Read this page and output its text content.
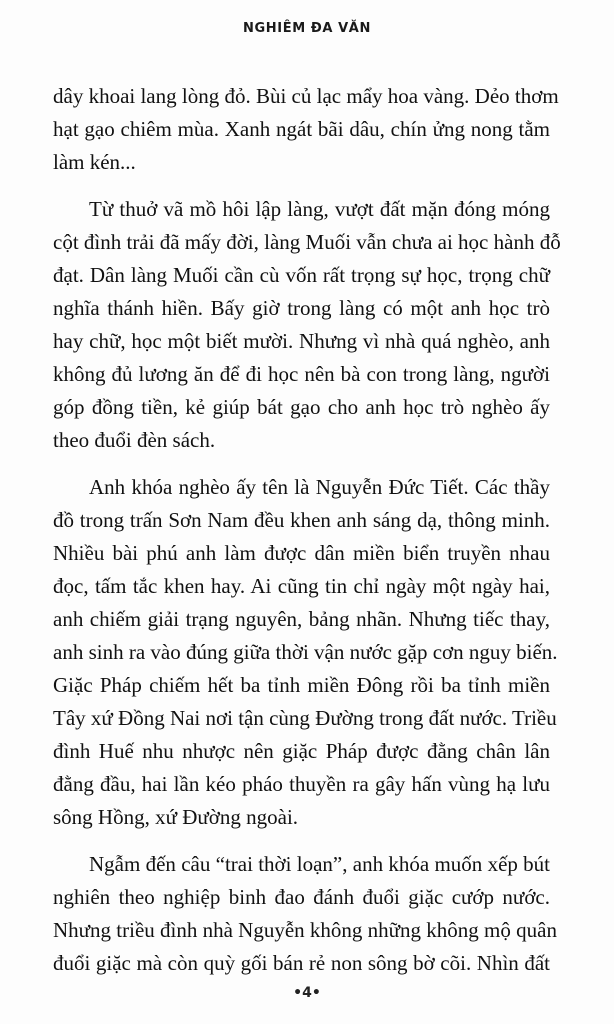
NGHIÊM ĐA VĂN
dây khoai lang lòng đỏ. Bùi củ lạc mẩy hoa vàng. Dẻo thơm
hạt gạo chiêm mùa. Xanh ngát bãi dâu, chín ửng nong tằm
làm kén...
Từ thuở vã mồ hôi lập làng, vượt đất mặn đóng móng
cột đình trải đã mấy đời, làng Muối vẫn chưa ai học hành đỗ
đạt. Dân làng Muối cần cù vốn rất trọng sự học, trọng chữ
nghĩa thánh hiền. Bấy giờ trong làng có một anh học trò
hay chữ, học một biết mười. Nhưng vì nhà quá nghèo, anh
không đủ lương ăn để đi học nên bà con trong làng, người
góp đồng tiền, kẻ giúp bát gạo cho anh học trò nghèo ấy
theo đuổi đèn sách.
Anh khóa nghèo ấy tên là Nguyễn Đức Tiết. Các thầy
đồ trong trấn Sơn Nam đều khen anh sáng dạ, thông minh.
Nhiều bài phú anh làm được dân miền biển truyền nhau
đọc, tấm tắc khen hay. Ai cũng tin chỉ ngày một ngày hai,
anh chiếm giải trạng nguyên, bảng nhãn. Nhưng tiếc thay,
anh sinh ra vào đúng giữa thời vận nước gặp cơn nguy biến.
Giặc Pháp chiếm hết ba tỉnh miền Đông rồi ba tỉnh miền
Tây xứ Đồng Nai nơi tận cùng Đường trong đất nước. Triều
đình Huế nhu nhược nên giặc Pháp được đằng chân lân
đằng đầu, hai lần kéo pháo thuyền ra gây hấn vùng hạ lưu
sông Hồng, xứ Đường ngoài.
Ngẫm đến câu “trai thời loạn”, anh khóa muốn xếp bút
nghiên theo nghiệp binh đao đánh đuổi giặc cướp nước.
Nhưng triều đình nhà Nguyễn không những không mộ quân
đuổi giặc mà còn quỳ gối bán rẻ non sông bờ cõi. Nhìn đất
•4•
